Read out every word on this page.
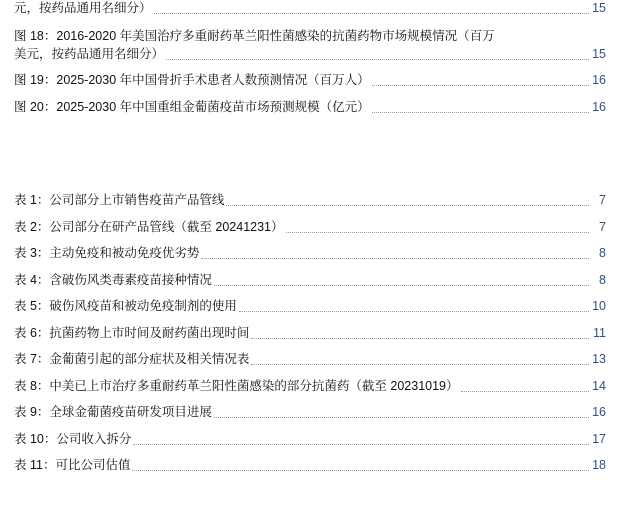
元，按药品通用名细分）	15
图 18：2016-2020 年美国治疗多重耐药革兰阳性菌感染的抗菌药物市场规模情况（百万
美元，按药品通用名细分）	15
图 19：2025-2030 年中国骨折手术患者人数预测情况（百万人）	16
图 20：2025-2030 年中国重组金葡菌疫苗市场预测规模（亿元）	16
表 1：公司部分上市销售疫苗产品管线	7
表 2：公司部分在研产品管线（截至 20241231）	7
表 3：主动免疫和被动免疫优劣势	8
表 4：含破伤风类毒素疫苗接种情况	8
表 5：破伤风疫苗和被动免疫制剂的使用	10
表 6：抗菌药物上市时间及耐药菌出现时间	11
表 7：金葡菌引起的部分症状及相关情况表	13
表 8：中美已上市治疗多重耐药革兰阳性菌感染的部分抗菌药（截至 20231019）	14
表 9：全球金葡菌疫苗研发项目进展	16
表 10：公司收入拆分	17
表 11：可比公司估值	18
